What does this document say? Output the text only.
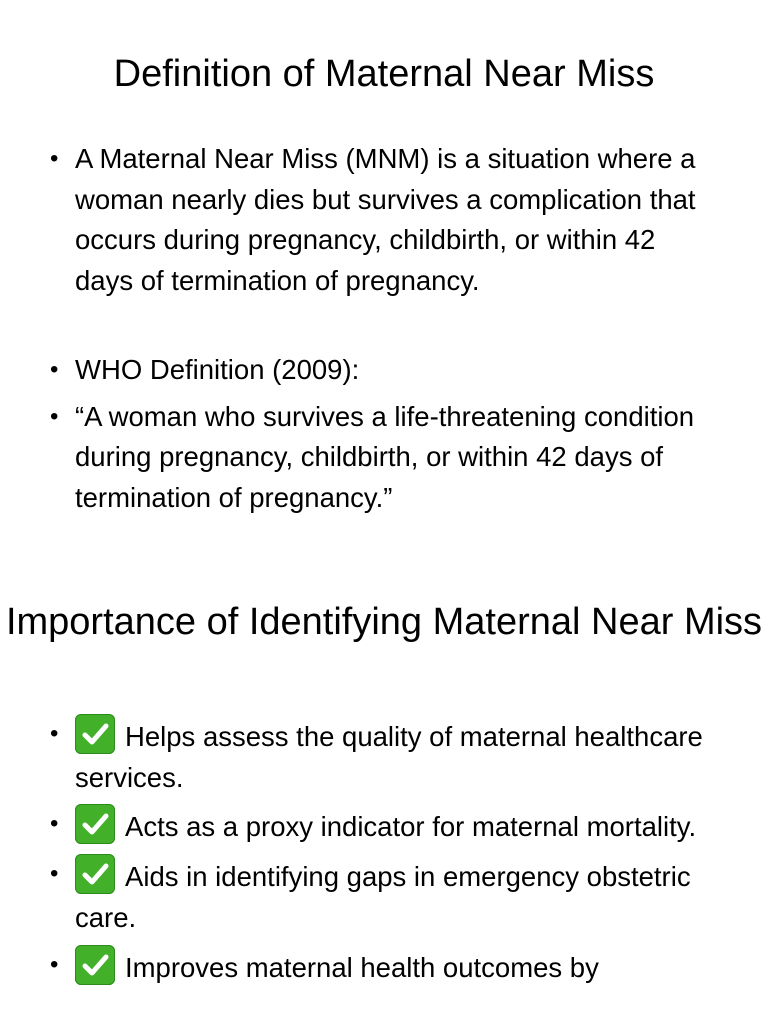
Definition of Maternal Near Miss
• A Maternal Near Miss (MNM) is a situation where a woman nearly dies but survives a complication that occurs during pregnancy, childbirth, or within 42 days of termination of pregnancy.
• WHO Definition (2009):
• “A woman who survives a life-threatening condition during pregnancy, childbirth, or within 42 days of termination of pregnancy.”
Importance of Identifying Maternal Near Miss
• Helps assess the quality of maternal healthcare services.
• Acts as a proxy indicator for maternal mortality.
• Aids in identifying gaps in emergency obstetric care.
• Improves maternal health outcomes by
